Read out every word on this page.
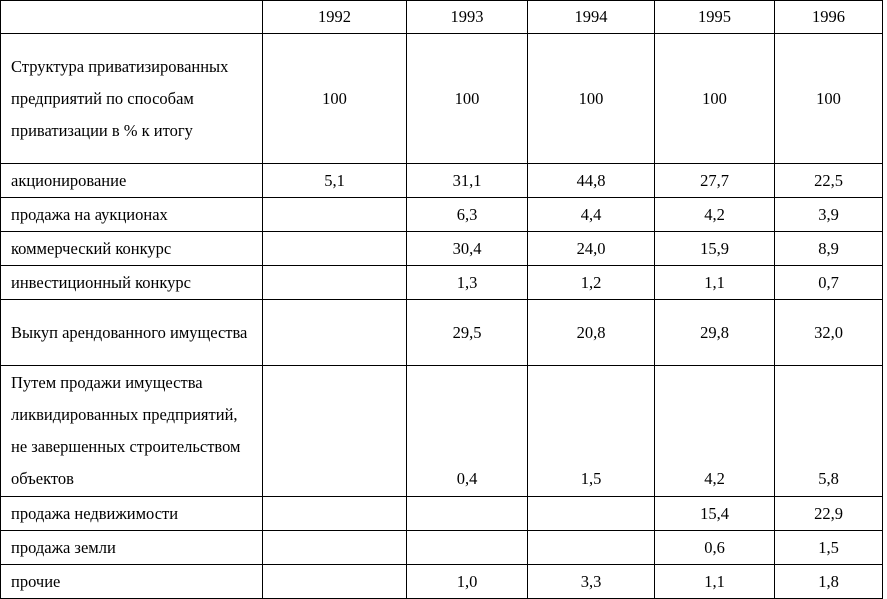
	1992	1993	1994	1995	1996
Структура приватизированных предприятий по способам приватизации в % к итогу	100	100	100	100	100
акционирование	5,1	31,1	44,8	27,7	22,5
продажа на аукционах		6,3	4,4	4,2	3,9
коммерческий конкурс		30,4	24,0	15,9	8,9
инвестиционный конкурс		1,3	1,2	1,1	0,7
Выкуп арендованного имущества		29,5	20,8	29,8	32,0
Путем продажи имущества ликвидированных предприятий, не завершенных строительством объектов		0,4	1,5	4,2	5,8
продажа недвижимости				15,4	22,9
продажа земли				0,6	1,5
прочие		1,0	3,3	1,1	1,8
